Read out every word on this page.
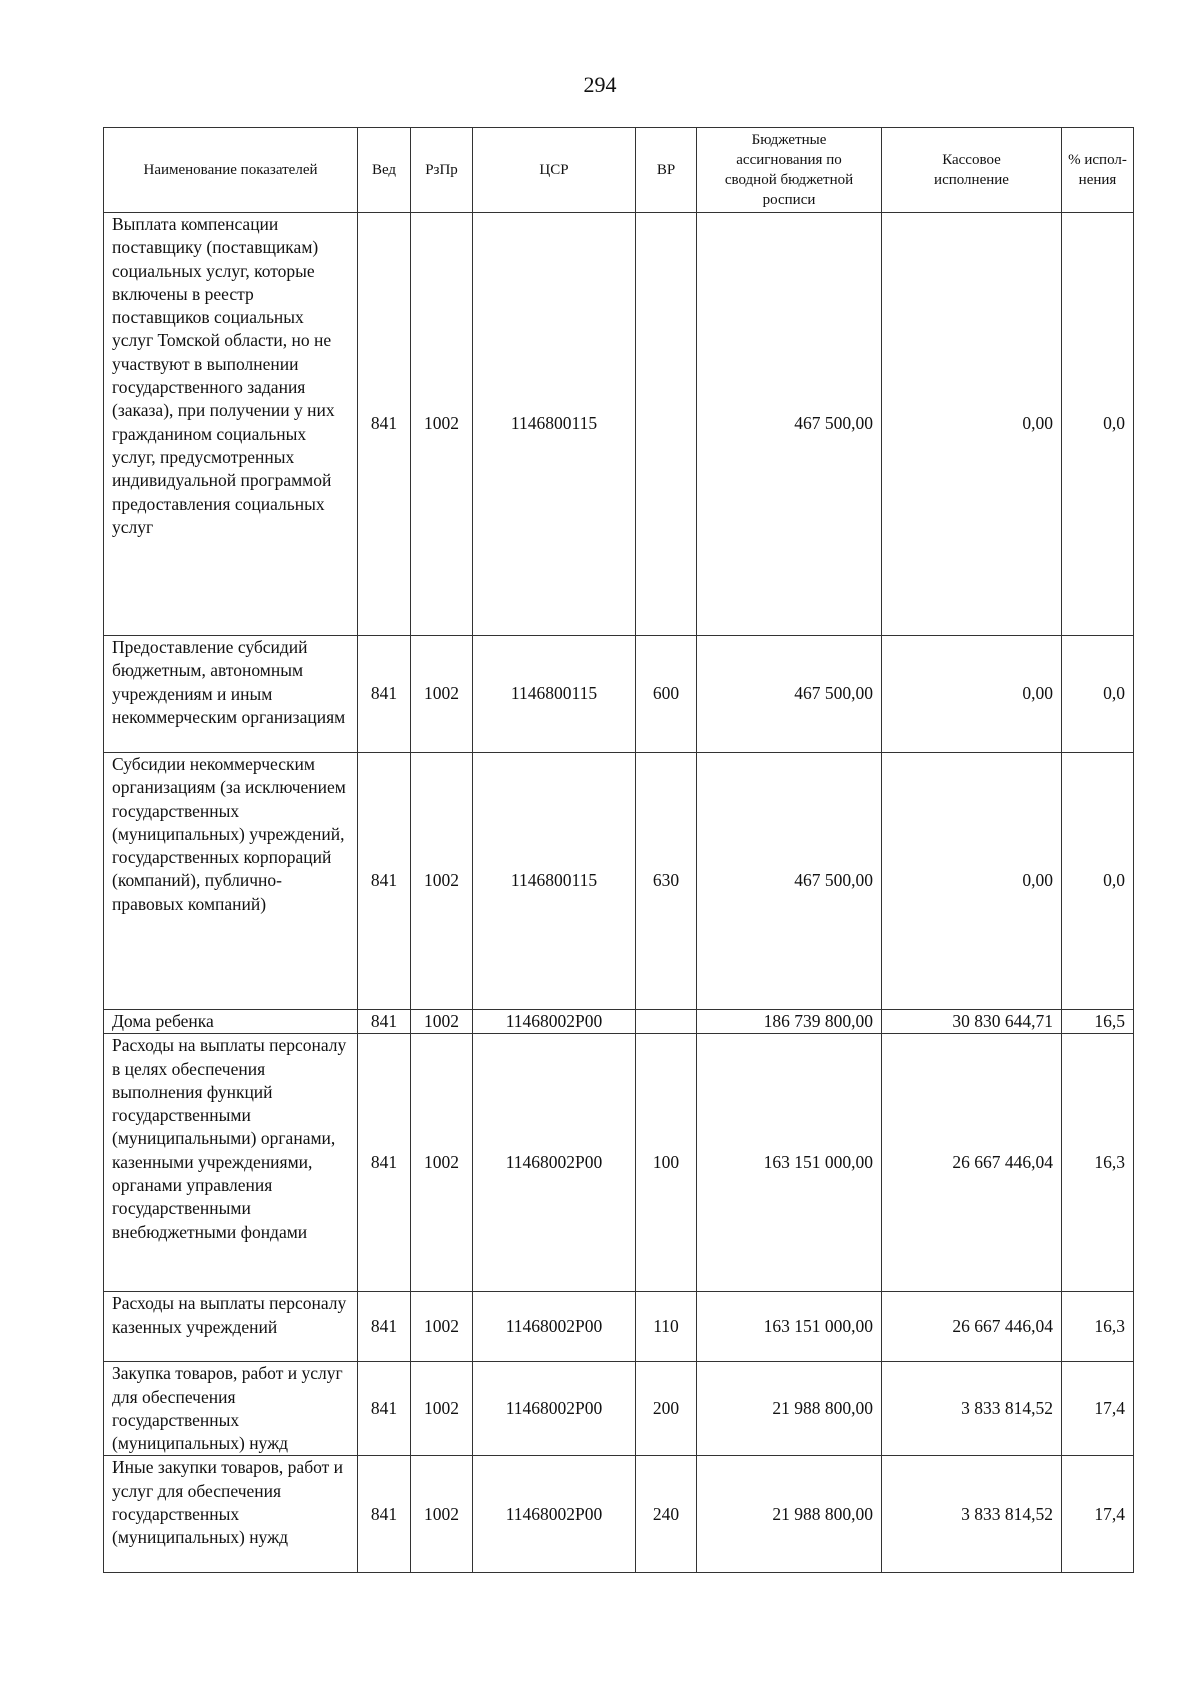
294
Наименование показателей	Вед	РзПр	ЦСР	ВР	Бюджетные ассигнования по сводной бюджетной росписи	Кассовое исполнение	% испол-нения
Выплата компенсации поставщику (поставщикам) социальных услуг, которые включены в реестр поставщиков социальных услуг Томской области, но не участвуют в выполнении государственного задания (заказа), при получении у них гражданином социальных услуг, предусмотренных индивидуальной программой предоставления социальных услуг	841	1002	1146800115		467 500,00	0,00	0,0
Предоставление субсидий бюджетным, автономным учреждениям и иным некоммерческим организациям	841	1002	1146800115	600	467 500,00	0,00	0,0
Субсидии некоммерческим организациям (за исключением государственных (муниципальных) учреждений, государственных корпораций (компаний), публично-правовых компаний)	841	1002	1146800115	630	467 500,00	0,00	0,0
Дома ребенка	841	1002	11468002P00		186 739 800,00	30 830 644,71	16,5
Расходы на выплаты персоналу в целях обеспечения выполнения функций государственными (муниципальными) органами, казенными учреждениями, органами управления государственными внебюджетными фондами	841	1002	11468002P00	100	163 151 000,00	26 667 446,04	16,3
Расходы на выплаты персоналу казенных учреждений	841	1002	11468002P00	110	163 151 000,00	26 667 446,04	16,3
Закупка товаров, работ и услуг для обеспечения государственных (муниципальных) нужд	841	1002	11468002P00	200	21 988 800,00	3 833 814,52	17,4
Иные закупки товаров, работ и услуг для обеспечения государственных (муниципальных) нужд	841	1002	11468002P00	240	21 988 800,00	3 833 814,52	17,4
